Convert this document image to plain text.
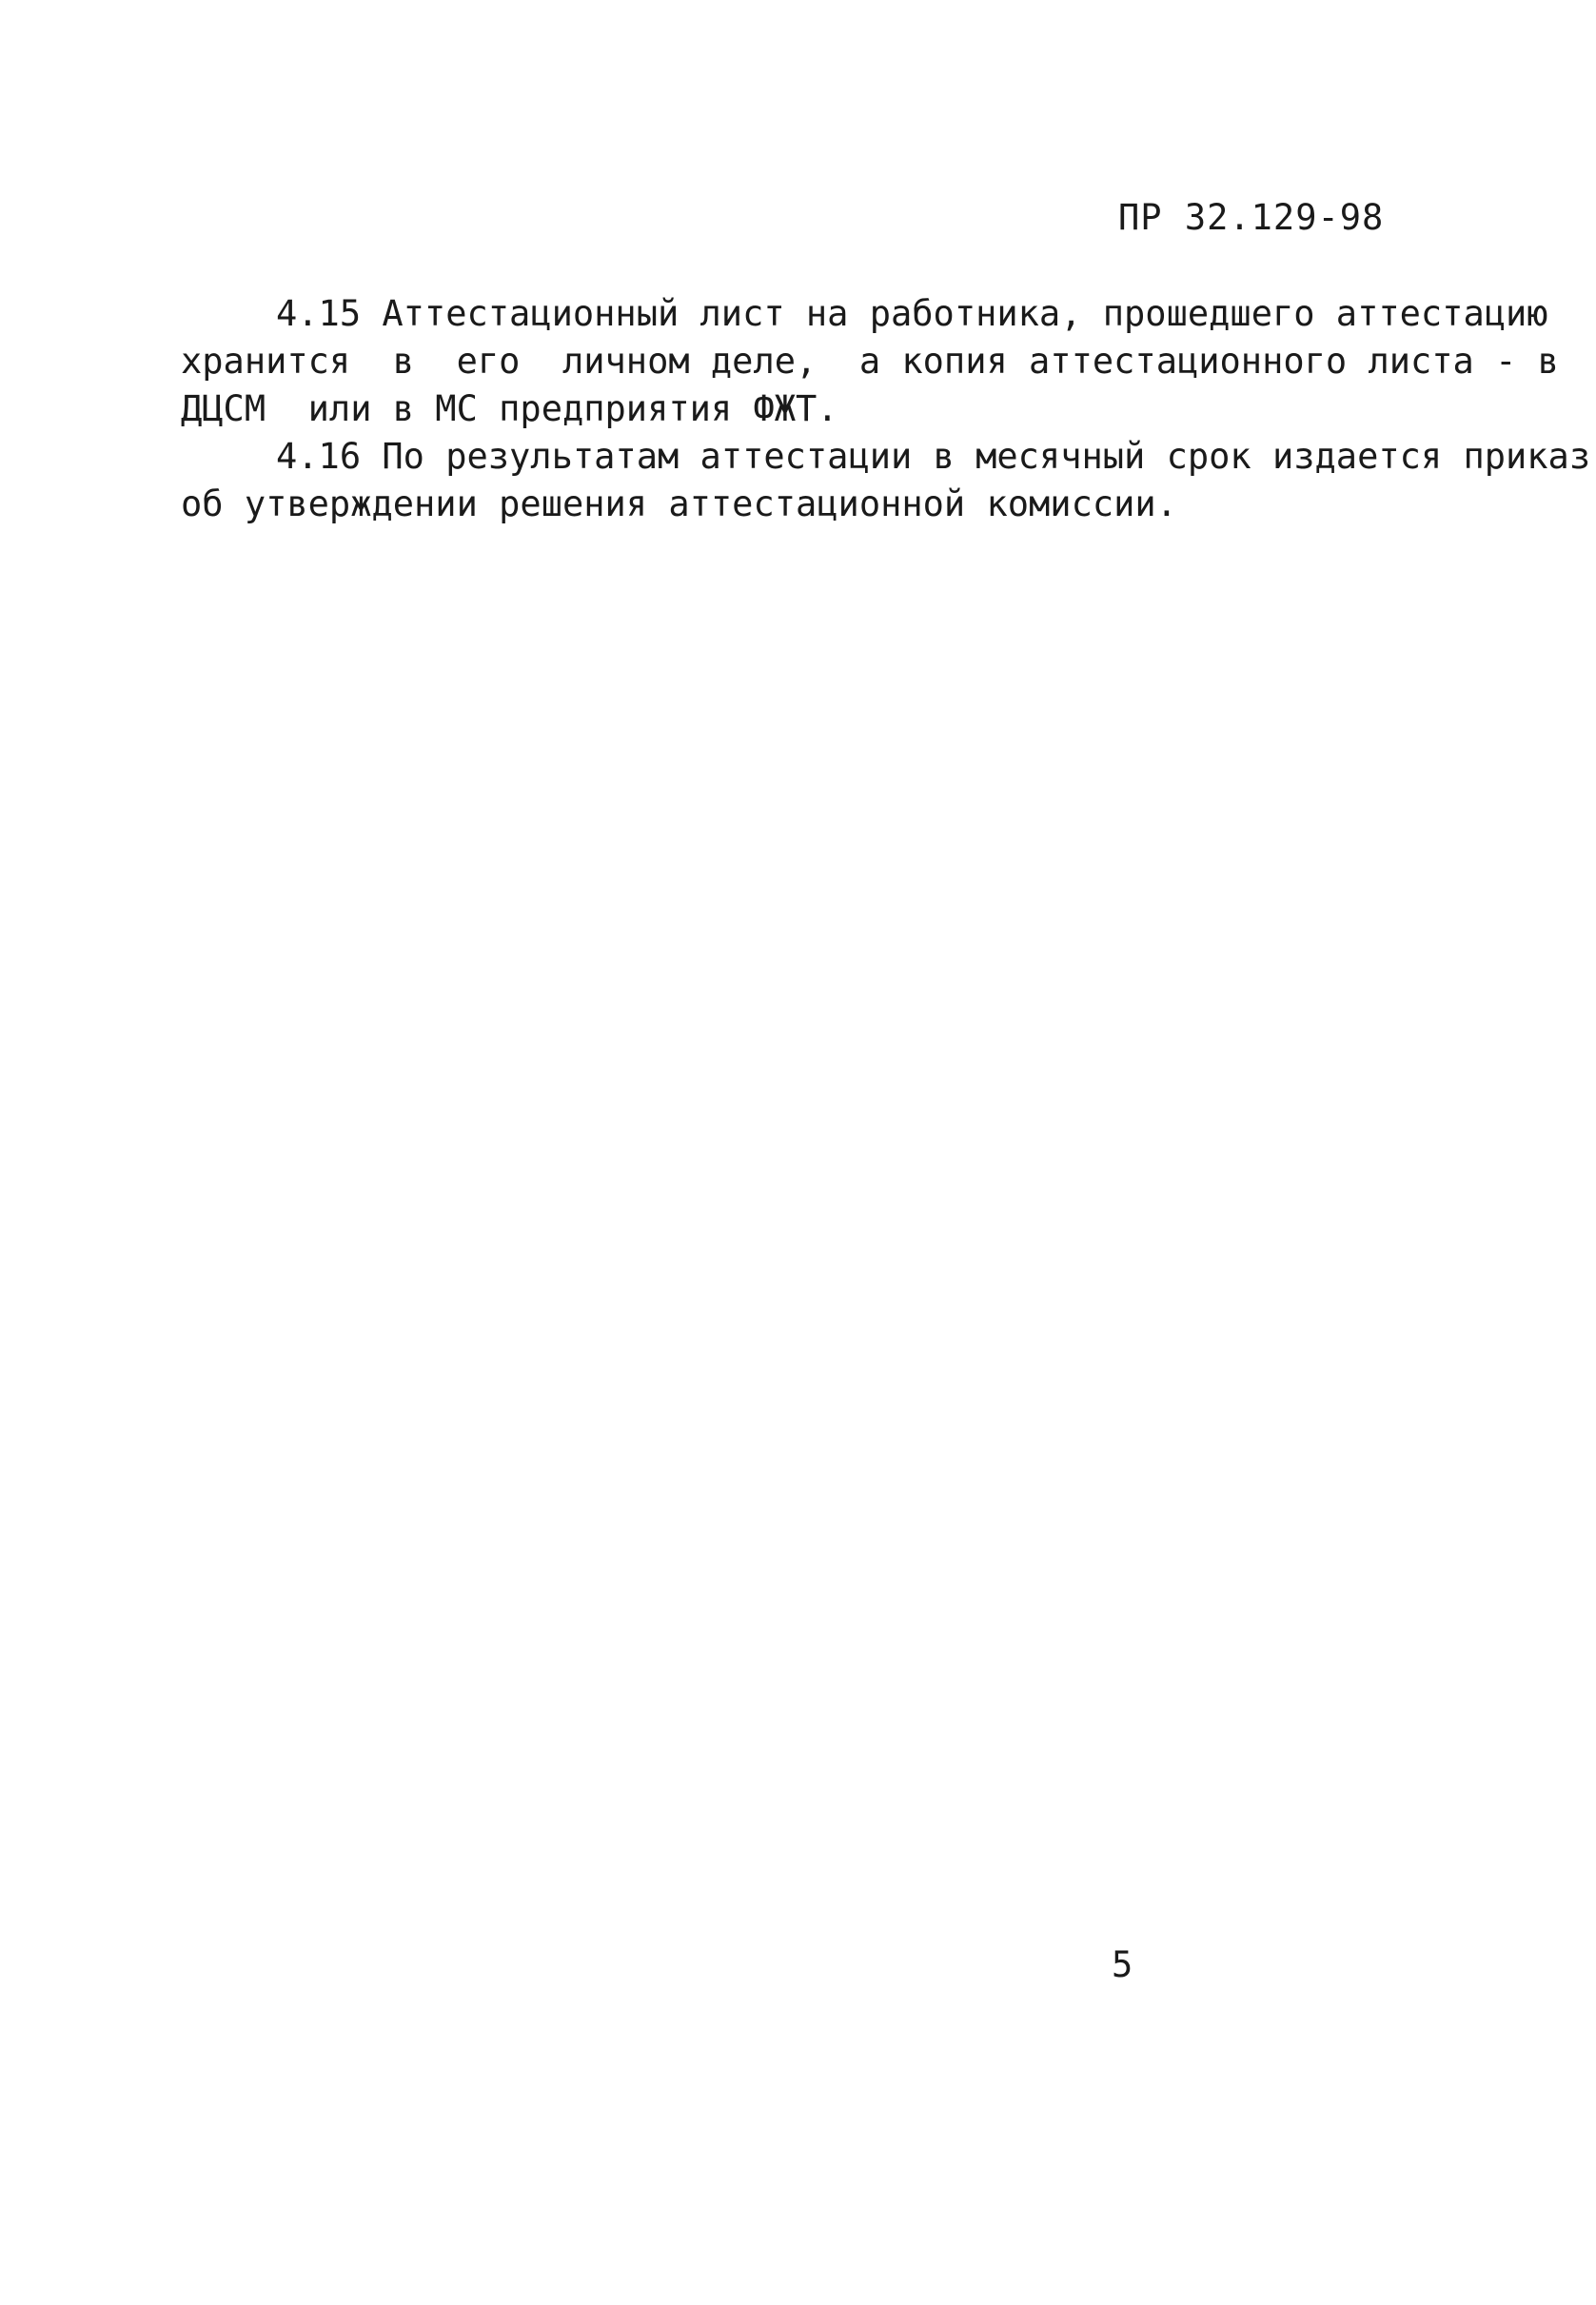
ПР 32.129-98
4.15 Аттестационный лист на работника, прошедшего аттестацию
хранится  в  его  личном деле,  а копия аттестационного листа - в
ДЦСМ  или в МС предприятия ФЖТ.
4.16 По результатам аттестации в месячный срок издается приказ
об утверждении решения аттестационной комиссии.
5
